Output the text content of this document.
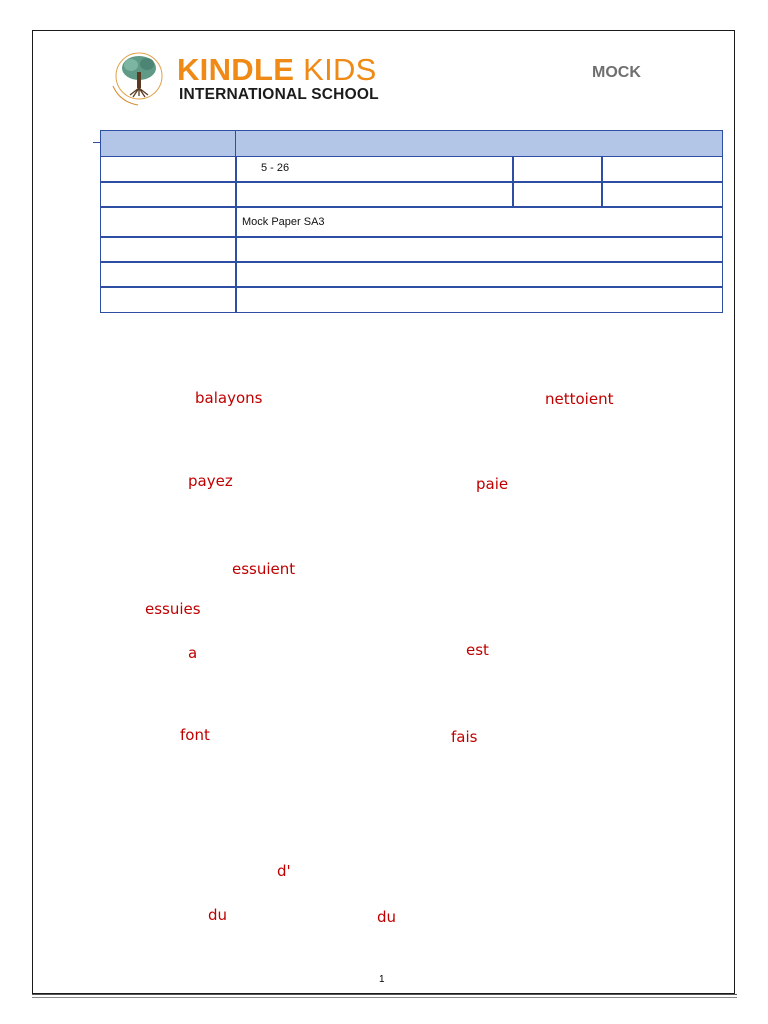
KINDLE KIDS
INTERNATIONAL SCHOOL
MOCK
5 - 26
Mock Paper SA3
balayons	nettoient
payez	paie
essuient
essuies
a	est
font	fais
d'
du	du
1
